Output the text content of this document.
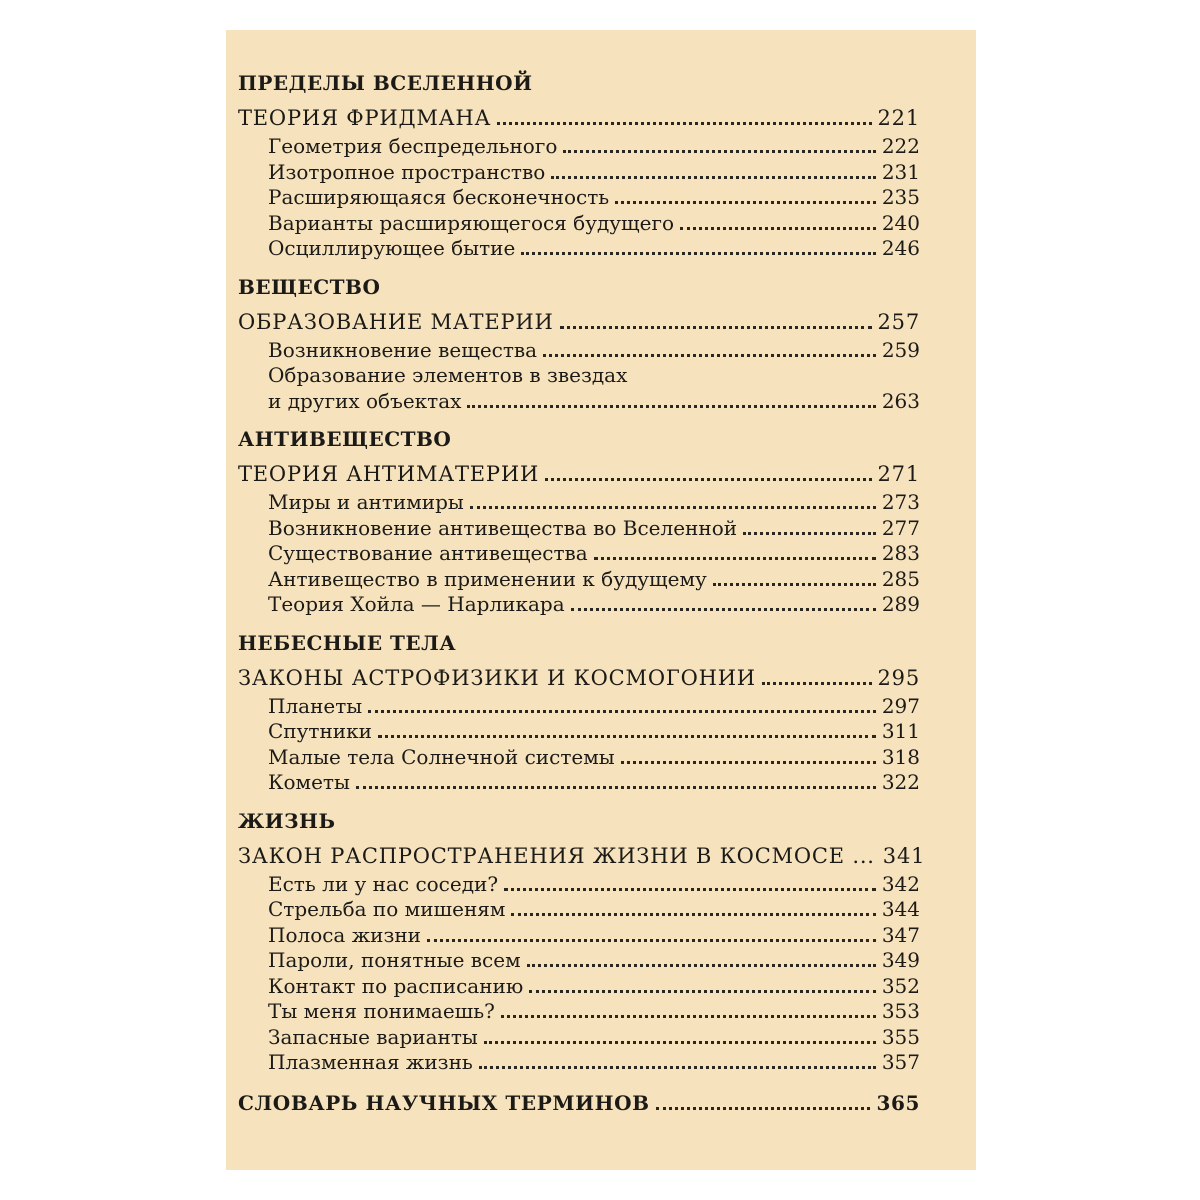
ПРЕДЕЛЫ ВСЕЛЕННОЙ
ТЕОРИЯ ФРИДМАНА	221
Геометрия беспредельного	222
Изотропное пространство	231
Расширяющаяся бесконечность	235
Варианты расширяющегося будущего	240
Осциллирующее бытие	246
ВЕЩЕСТВО
ОБРАЗОВАНИЕ МАТЕРИИ	257
Возникновение вещества	259
Образование элементов в звездах
и других объектах	263
АНТИВЕЩЕСТВО
ТЕОРИЯ АНТИМАТЕРИИ	271
Миры и антимиры	273
Возникновение антивещества во Вселенной	277
Существование антивещества	283
Антивещество в применении к будущему	285
Теория Хойла — Нарликара	289
НЕБЕСНЫЕ ТЕЛА
ЗАКОНЫ АСТРОФИЗИКИ И КОСМОГОНИИ	295
Планеты	297
Спутники	311
Малые тела Солнечной системы	318
Кометы	322
ЖИЗНЬ
ЗАКОН РАСПРОСТРАНЕНИЯ ЖИЗНИ В КОСМОСЕ ... 341
Есть ли у нас соседи?	342
Стрельба по мишеням	344
Полоса жизни	347
Пароли, понятные всем	349
Контакт по расписанию	352
Ты меня понимаешь?	353
Запасные варианты	355
Плазменная жизнь	357
СЛОВАРЬ НАУЧНЫХ ТЕРМИНОВ	365
